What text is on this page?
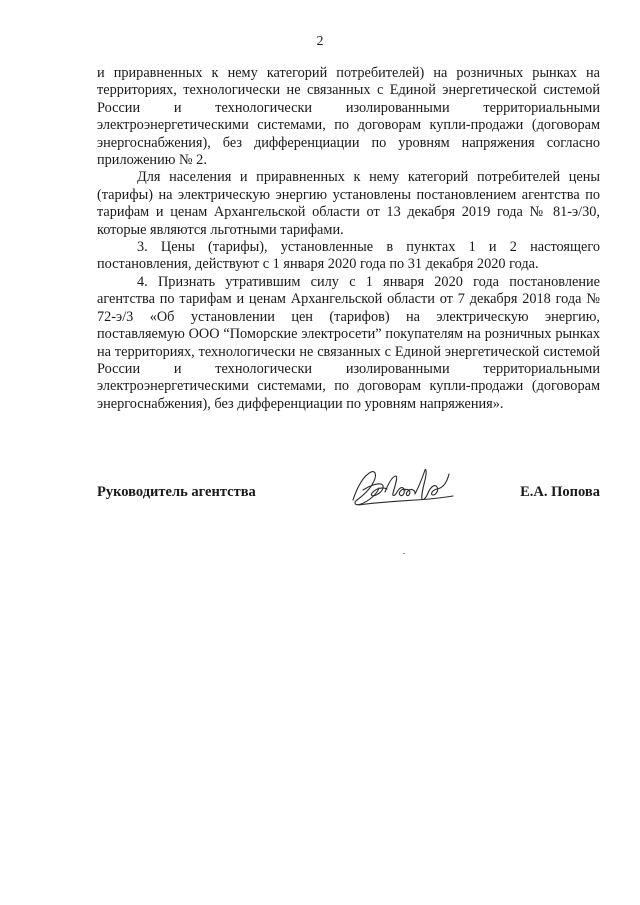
2

и приравненных к нему категорий потребителей) на розничных рынках на территориях, технологически не связанных с Единой энергетической системой России и технологически изолированными территориальными электроэнергетическими системами, по договорам купли-продажи (договорам энергоснабжения), без дифференциации по уровням напряжения согласно приложению № 2.

Для населения и приравненных к нему категорий потребителей цены (тарифы) на электрическую энергию установлены постановлением агентства по тарифам и ценам Архангельской области от 13 декабря 2019 года № 81-э/30, которые являются льготными тарифами.

3. Цены (тарифы), установленные в пунктах 1 и 2 настоящего постановления, действуют с 1 января 2020 года по 31 декабря 2020 года.

4. Признать утратившим силу с 1 января 2020 года постановление агентства по тарифам и ценам Архангельской области от 7 декабря 2018 года № 72-э/3 «Об установлении цен (тарифов) на электрическую энергию, поставляемую ООО “Поморские электросети” покупателям на розничных рынках на территориях, технологически не связанных с Единой энергетической системой России и технологически изолированными территориальными электроэнергетическими системами, по договорам купли-продажи (договорам энергоснабжения), без дифференциации по уровням напряжения».

Руководитель агентства	Е.А. Попова
